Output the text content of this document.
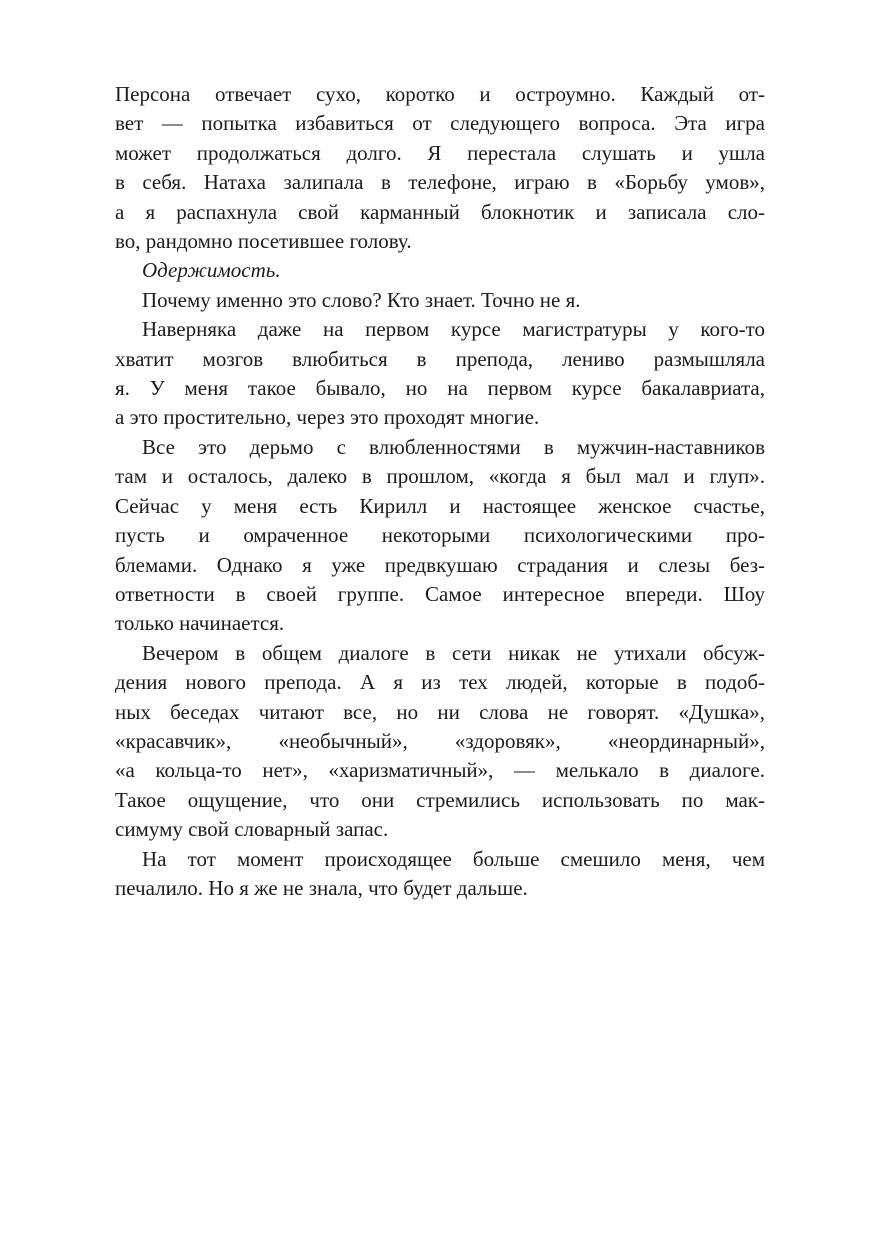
Персона отвечает сухо, коротко и остроумно. Каждый от-
вет — попытка избавиться от следующего вопроса. Эта игра
может продолжаться долго. Я перестала слушать и ушла
в себя. Натаха залипала в телефоне, играю в «Борьбу умов»,
а я распахнула свой карманный блокнотик и записала сло-
во, рандомно посетившее голову.
Одержимость.
Почему именно это слово? Кто знает. Точно не я.
Наверняка даже на первом курсе магистратуры у кого-то
хватит мозгов влюбиться в препода, лениво размышляла
я. У меня такое бывало, но на первом курсе бакалавриата,
а это простительно, через это проходят многие.
Все это дерьмо с влюбленностями в мужчин-наставников
там и осталось, далеко в прошлом, «когда я был мал и глуп».
Сейчас у меня есть Кирилл и настоящее женское счастье,
пусть и омраченное некоторыми психологическими про-
блемами. Однако я уже предвкушаю страдания и слезы без-
ответности в своей группе. Самое интересное впереди. Шоу
только начинается.
Вечером в общем диалоге в сети никак не утихали обсуж-
дения нового препода. А я из тех людей, которые в подоб-
ных беседах читают все, но ни слова не говорят. «Душка»,
«красавчик», «необычный», «здоровяк», «неординарный»,
«а кольца-то нет», «харизматичный», — мелькало в диалоге.
Такое ощущение, что они стремились использовать по мак-
симуму свой словарный запас.
На тот момент происходящее больше смешило меня, чем
печалило. Но я же не знала, что будет дальше.
